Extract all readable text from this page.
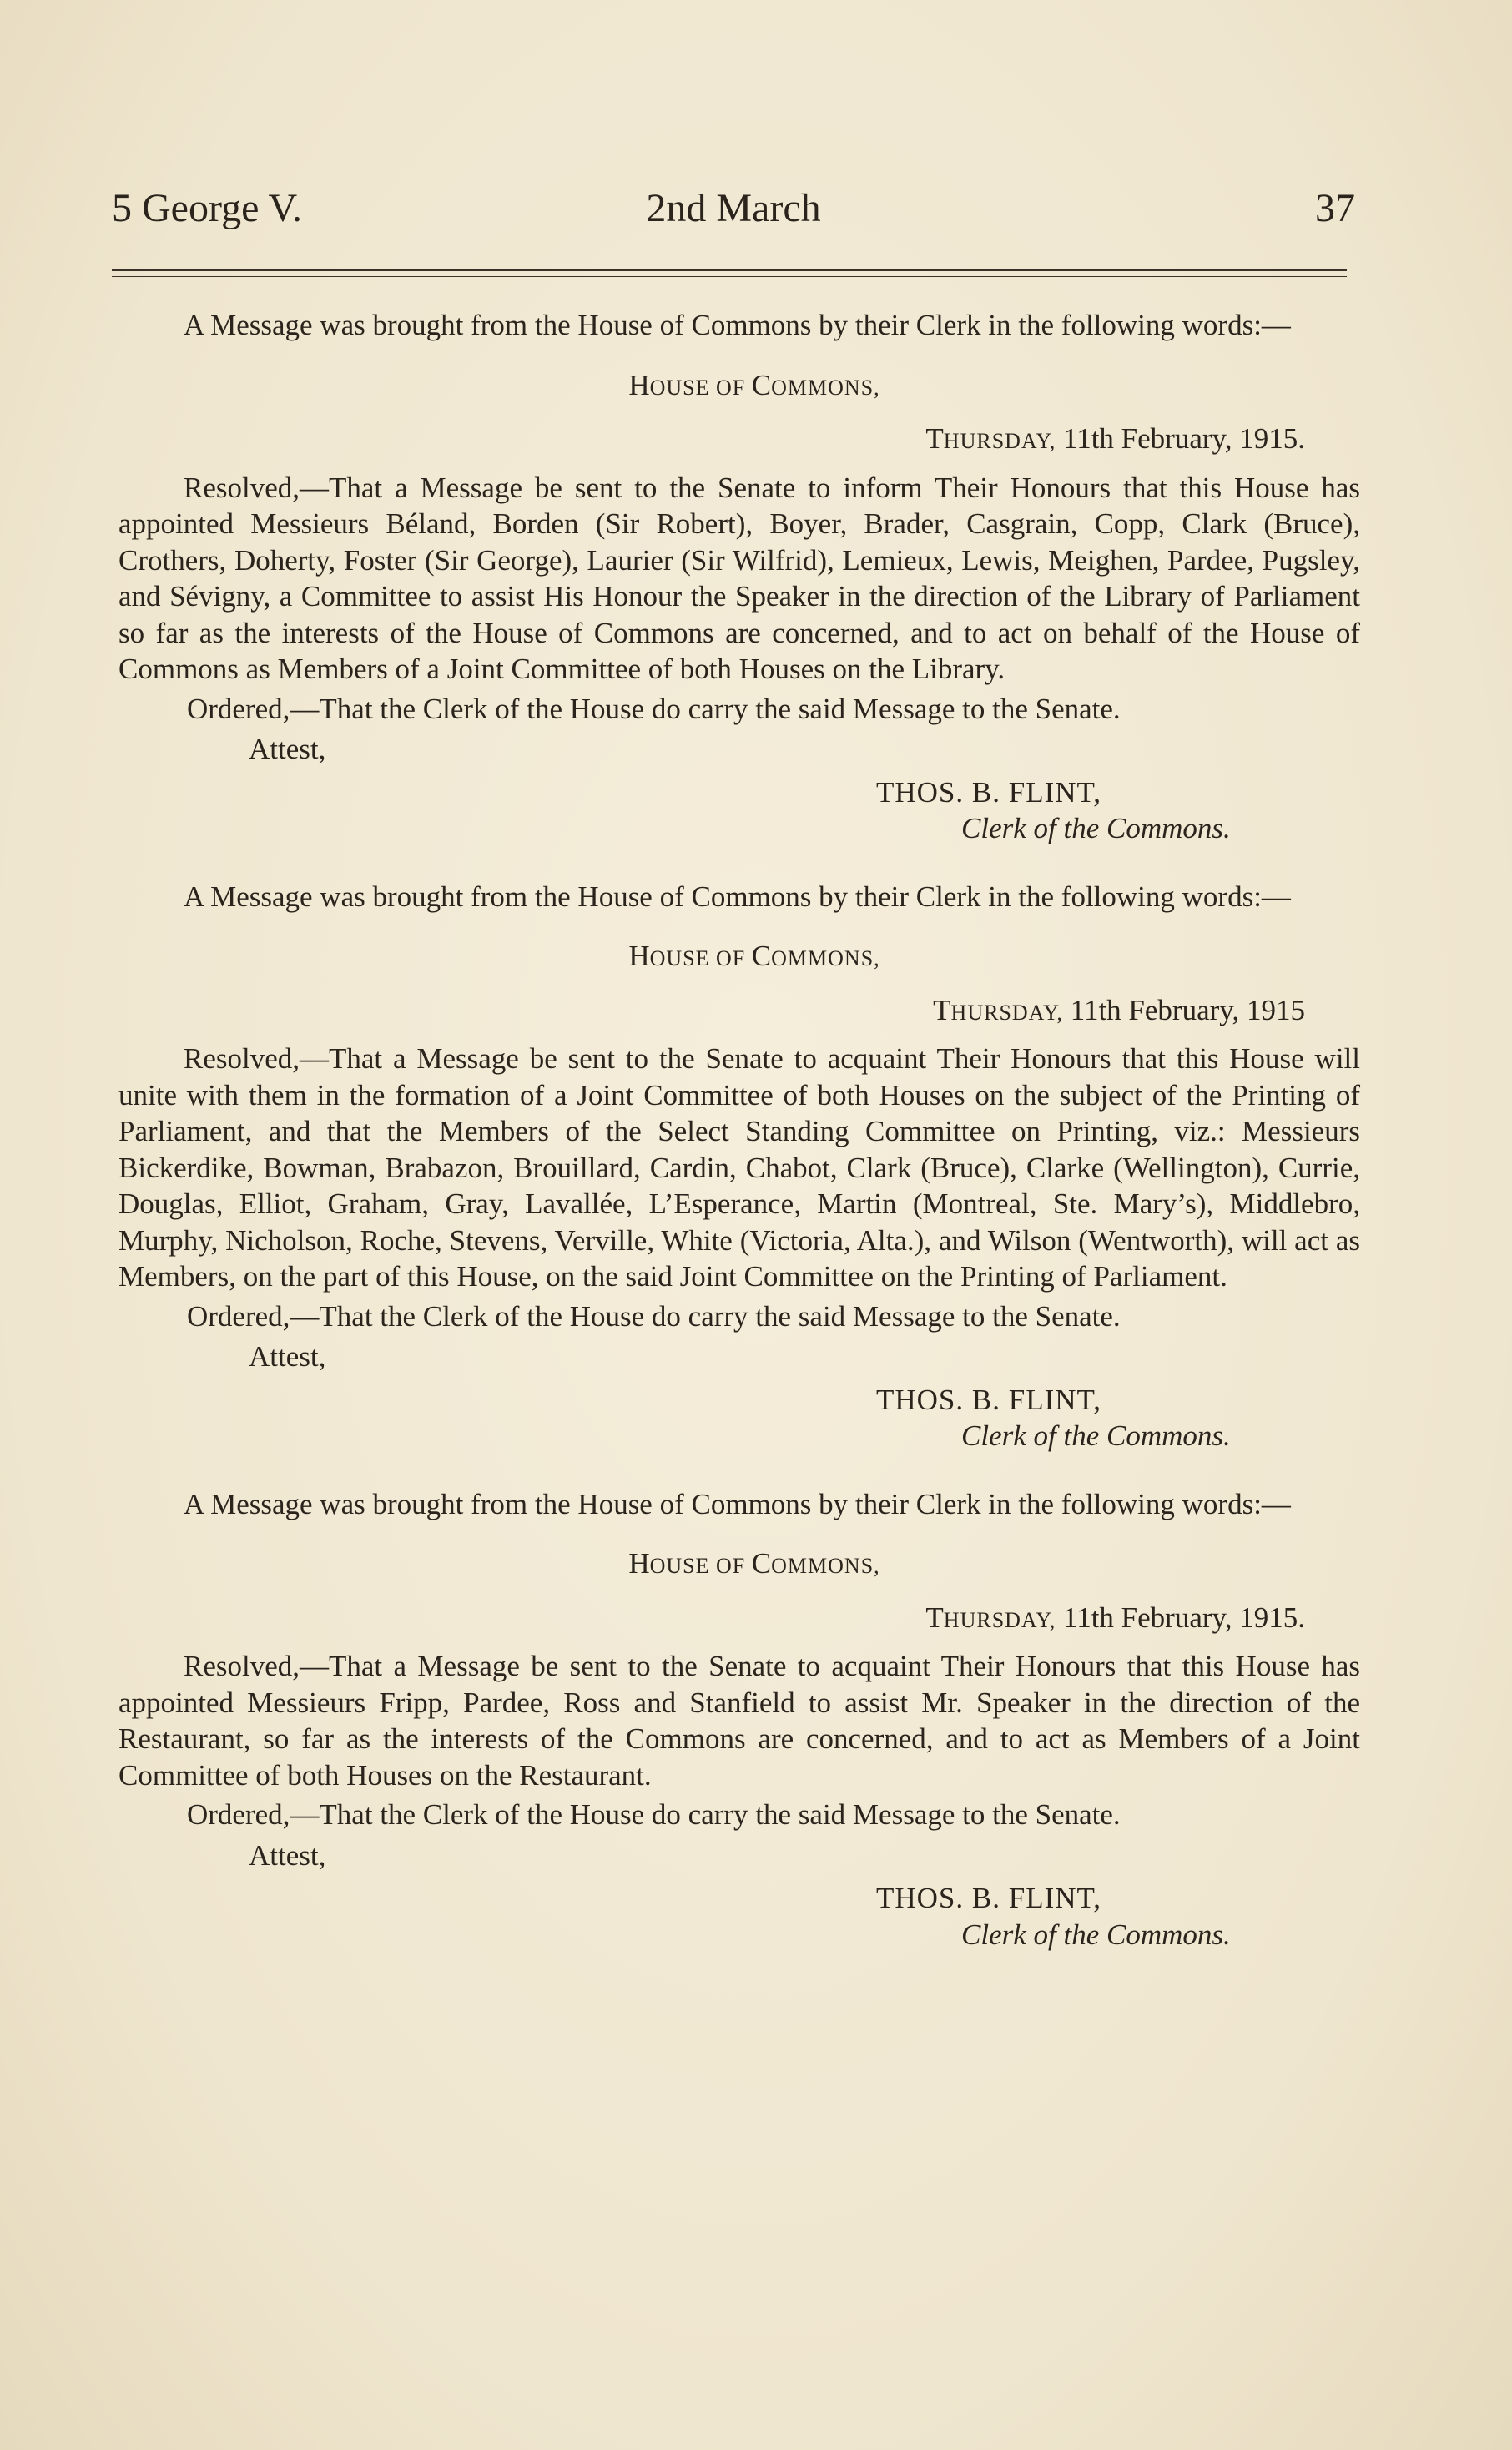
5 George V.	2nd March	37

A Message was brought from the House of Commons by their Clerk in the following words:—

HOUSE OF COMMONS,

THURSDAY, 11th February, 1915.

Resolved,—That a Message be sent to the Senate to inform Their Honours that this House has appointed Messieurs Béland, Borden (Sir Robert), Boyer, Brader, Casgrain, Copp, Clark (Bruce), Crothers, Doherty, Foster (Sir George), Laurier (Sir Wilfrid), Lemieux, Lewis, Meighen, Pardee, Pugsley, and Sévigny, a Committee to assist His Honour the Speaker in the direction of the Library of Parliament so far as the interests of the House of Commons are concerned, and to act on behalf of the House of Commons as Members of a Joint Committee of both Houses on the Library.

Ordered,—That the Clerk of the House do carry the said Message to the Senate.

Attest,

THOS. B. FLINT,

Clerk of the Commons.

A Message was brought from the House of Commons by their Clerk in the following words:—

HOUSE OF COMMONS,

THURSDAY, 11th February, 1915

Resolved,—That a Message be sent to the Senate to acquaint Their Honours that this House will unite with them in the formation of a Joint Committee of both Houses on the subject of the Printing of Parliament, and that the Members of the Select Standing Committee on Printing, viz.: Messieurs Bickerdike, Bowman, Brabazon, Brouillard, Cardin, Chabot, Clark (Bruce), Clarke (Wellington), Currie, Douglas, Elliot, Graham, Gray, Lavallée, L’Esperance, Martin (Montreal, Ste. Mary’s), Middlebro, Murphy, Nicholson, Roche, Stevens, Verville, White (Victoria, Alta.), and Wilson (Wentworth), will act as Members, on the part of this House, on the said Joint Committee on the Printing of Parliament.

Ordered,—That the Clerk of the House do carry the said Message to the Senate.

Attest,

THOS. B. FLINT,

Clerk of the Commons.

A Message was brought from the House of Commons by their Clerk in the following words:—

HOUSE OF COMMONS,

THURSDAY, 11th February, 1915.

Resolved,—That a Message be sent to the Senate to acquaint Their Honours that this House has appointed Messieurs Fripp, Pardee, Ross and Stanfield to assist Mr. Speaker in the direction of the Restaurant, so far as the interests of the Commons are concerned, and to act as Members of a Joint Committee of both Houses on the Restaurant.

Ordered,—That the Clerk of the House do carry the said Message to the Senate.

Attest,

THOS. B. FLINT,

Clerk of the Commons.
